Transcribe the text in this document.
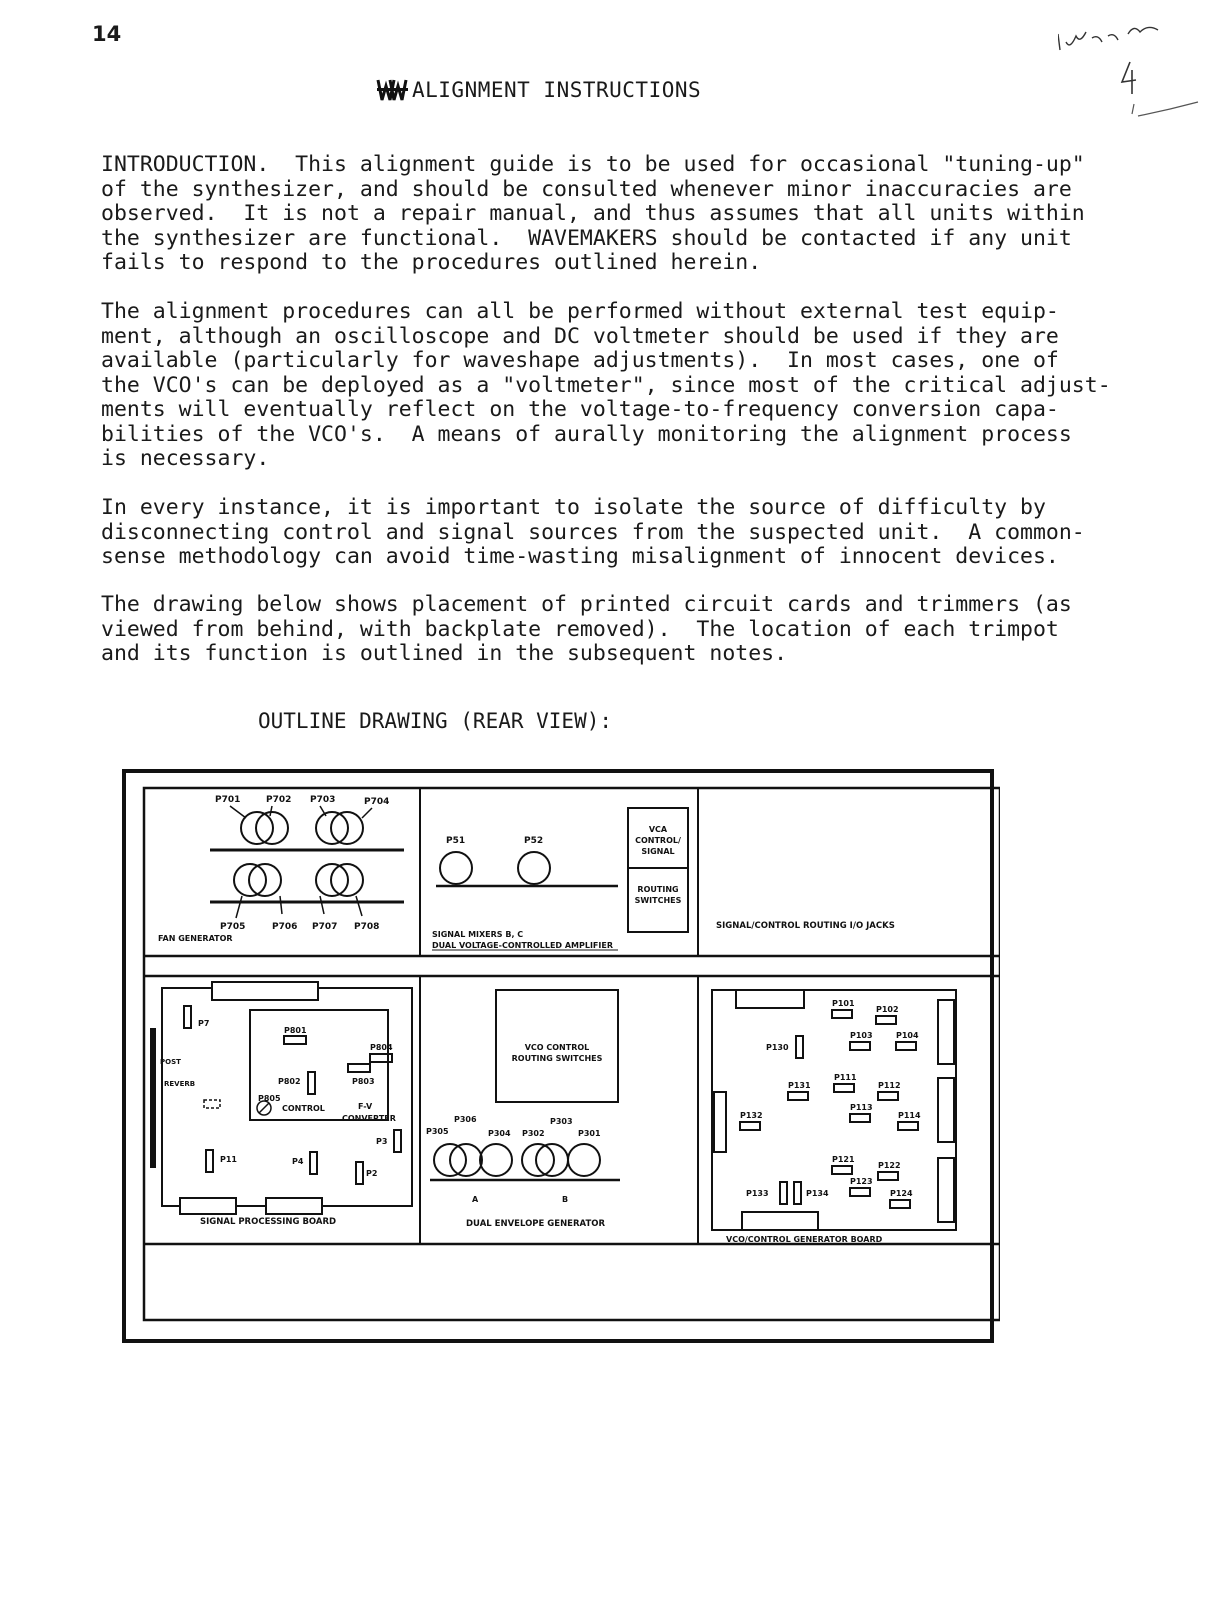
14
ALIGNMENT INSTRUCTIONS
INTRODUCTION.  This alignment guide is to be used for occasional "tuning-up"
of the synthesizer, and should be consulted whenever minor inaccuracies are
observed.  It is not a repair manual, and thus assumes that all units within
the synthesizer are functional.  WAVEMAKERS should be contacted if any unit
fails to respond to the procedures outlined herein.
The alignment procedures can all be performed without external test equip-
ment, although an oscilloscope and DC voltmeter should be used if they are
available (particularly for waveshape adjustments).  In most cases, one of
the VCO's can be deployed as a "voltmeter", since most of the critical adjust-
ments will eventually reflect on the voltage-to-frequency conversion capa-
bilities of the VCO's.  A means of aurally monitoring the alignment process
is necessary.
In every instance, it is important to isolate the source of difficulty by
disconnecting control and signal sources from the suspected unit.  A common-
sense methodology can avoid time-wasting misalignment of innocent devices.
The drawing below shows placement of printed circuit cards and trimmers (as
viewed from behind, with backplate removed).  The location of each trimpot
and its function is outlined in the subsequent notes.
OUTLINE DRAWING (REAR VIEW):
P701	P702 P703	P704
P705	P706 P707 P708
FAN GENERATOR
P51	P52
VCA
CONTROL/
SIGNAL
ROUTING
SWITCHES
SIGNAL MIXERS B, C
DUAL VOLTAGE-CONTROLLED AMPLIFIER
SIGNAL/CONTROL ROUTING I/O JACKS
P7
POST
REVERB
P801
P804
P802	P803
P805
CONTROL	F-V
CONVERTER
P11	P4
P3
P2
SIGNAL PROCESSING BOARD
VCO CONTROL
ROUTING SWITCHES
P306	P303
P305	P304 P302	P301
A	B
DUAL ENVELOPE GENERATOR
P101
P102
P103	P104
P130
P111
P131	P112
P132
P113
P114
P121
P122
P123
P133	P134	P124
VCO/CONTROL GENERATOR BOARD
